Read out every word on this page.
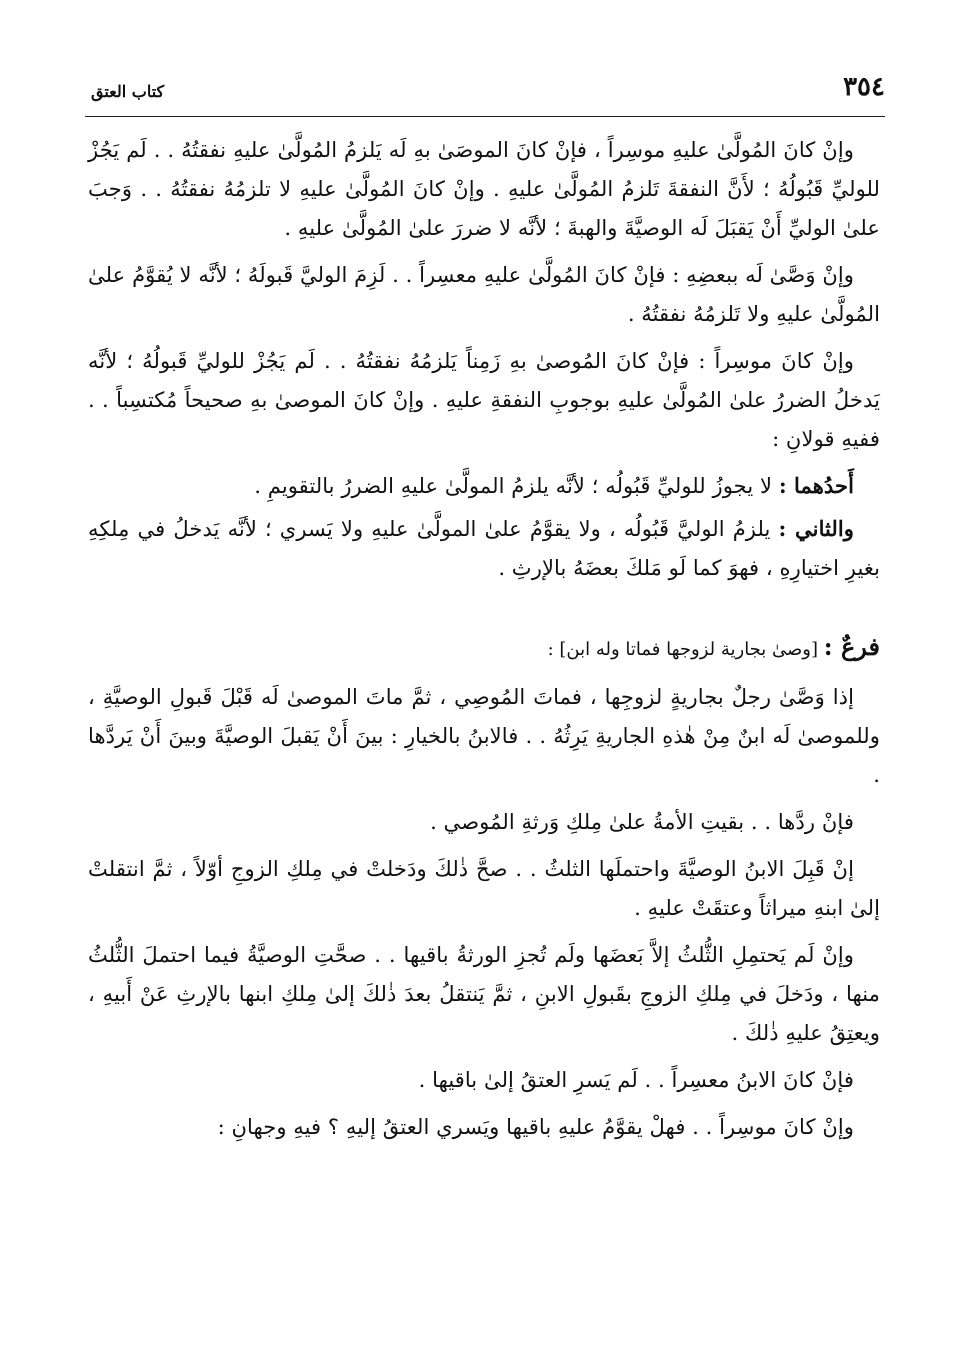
٣٥٤
كتاب العتق

وإنْ كانَ المُولَّىٰ عليهِ موسِراً ، فإنْ كانَ الموصَىٰ بهِ لَه يَلزمُ المُولَّىٰ عليهِ نفقتُهُ . . لَم يَجُزْ للوليِّ قَبُولُهُ ؛ لأَنَّ النفقةَ تَلزمُ المُولَّىٰ عليهِ . وإنْ كانَ المُولَّىٰ عليهِ لا تلزمُهُ نفقتُهُ . . وَجبَ علىٰ الوليِّ أَنْ يَقبَلَ لَه الوصيَّةَ والهبةَ ؛ لأنَّه لا ضررَ علىٰ المُولَّىٰ عليهِ .

وإنْ وَصَّىٰ لَه ببعضِهِ : فإنْ كانَ المُولَّىٰ عليهِ معسِراً . . لَزِمَ الوليَّ قَبولَهُ ؛ لأنَّه لا يُقوَّمُ علىٰ المُولَّىٰ عليهِ ولا تَلزمُهُ نفقتُهُ .

وإنْ كانَ موسِراً : فإنْ كانَ المُوصىٰ بهِ زَمِناً يَلزمُهُ نفقتُهُ . . لَم يَجُزْ للوليِّ قَبولُهُ ؛ لأنَّه يَدخلُ الضررُ علىٰ المُولَّىٰ عليهِ بوجوبِ النفقةِ عليهِ . وإنْ كانَ الموصىٰ بهِ صحيحاً مُكتسِباً . . ففيهِ قولانِ :

أَحدُهما : لا يجوزُ للوليِّ قَبُولُه ؛ لأنَّه يلزمُ المولَّىٰ عليهِ الضررُ بالتقويمِ .

والثاني : يلزمُ الوليَّ قَبُولُه ، ولا يقوَّمُ علىٰ المولَّىٰ عليهِ ولا يَسري ؛ لأنَّه يَدخلُ في مِلكِهِ بغيرِ اختيارِهِ ، فهوَ كما لَو مَلكَ بعضَهُ بالإرثِ .

فرعٌ : [وصىٰ بجارية لزوجها فماتا وله ابن] :

إذا وَصَّىٰ رجلٌ بجاريةٍ لزوجِها ، فماتَ المُوصِي ، ثمَّ ماتَ الموصىٰ لَه قَبْلَ قَبولِ الوصيَّةِ ، وللموصىٰ لَه ابنٌ مِنْ هٰذهِ الجاريةِ يَرِثُهُ . . فالابنُ بالخيارِ : بينَ أَنْ يَقبلَ الوصيَّةَ وبينَ أَنْ يَردَّها .

فإنْ ردَّها . . بقيتِ الأمةُ علىٰ مِلكِ وَرثةِ المُوصي .

إنْ قَبِلَ الابنُ الوصيَّةَ واحتملَها الثلثُ . . صحَّ ذٰلكَ ودَخلتْ في مِلكِ الزوجِ أوّلاً ، ثمَّ انتقلتْ إلىٰ ابنهِ ميراثاً وعتقَتْ عليهِ .

وإنْ لَم يَحتمِلِ الثُّلثُ إلاَّ بَعضَها ولَم تُجزِ الورثةُ باقيها . . صحَّتِ الوصيَّةُ فيما احتملَ الثُّلثُ منها ، ودَخلَ في مِلكِ الزوجِ بقَبولِ الابنِ ، ثمَّ يَنتقلُ بعدَ ذٰلكَ إلىٰ مِلكِ ابنها بالإرثِ عَنْ أَبيهِ ، ويعتِقُ عليهِ ذٰلكَ .

فإنْ كانَ الابنُ معسِراً . . لَم يَسرِ العتقُ إلىٰ باقيها .

وإنْ كانَ موسِراً . . فهلْ يقوَّمُ عليهِ باقيها ويَسري العتقُ إليهِ ؟ فيهِ وجهانِ :
